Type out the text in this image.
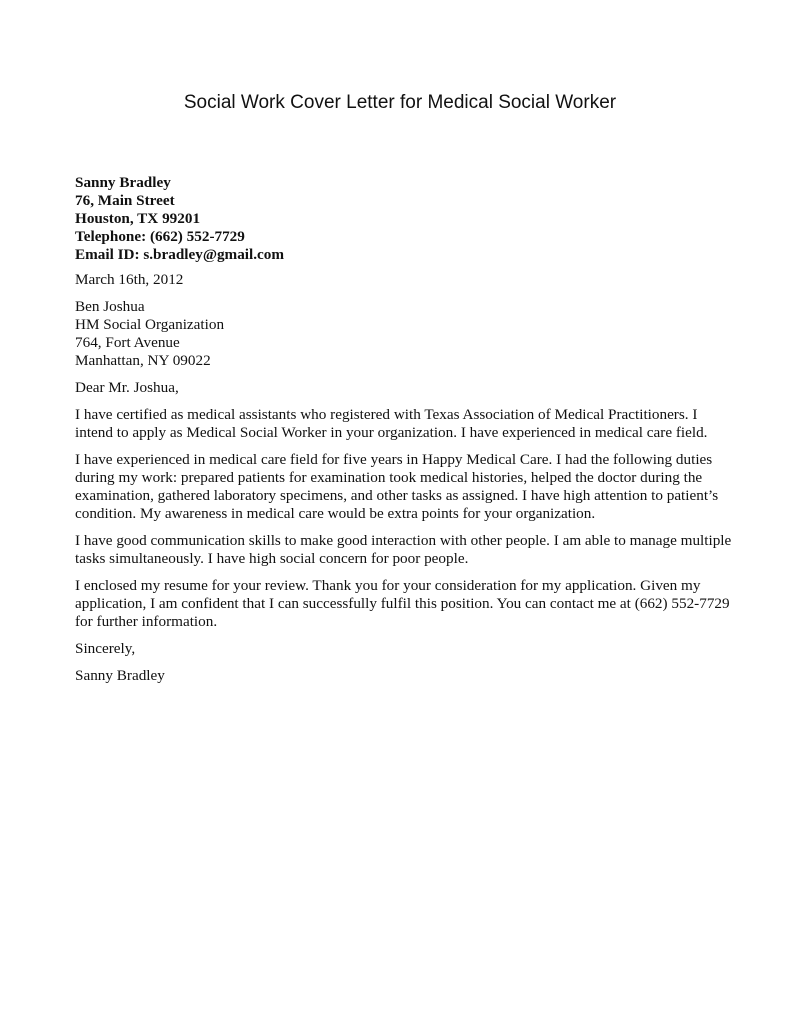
Social Work Cover Letter for Medical Social Worker
Sanny Bradley
76, Main Street
Houston, TX 99201
Telephone: (662) 552-7729
Email ID: s.bradley@gmail.com
March 16th, 2012
Ben Joshua
HM Social Organization
764, Fort Avenue
Manhattan, NY 09022
Dear Mr. Joshua,

I have certified as medical assistants who registered with Texas Association of Medical Practitioners. I intend to apply as Medical Social Worker in your organization. I have experienced in medical care field.

I have experienced in medical care field for five years in Happy Medical Care. I had the following duties during my work: prepared patients for examination took medical histories, helped the doctor during the examination, gathered laboratory specimens, and other tasks as assigned. I have high attention to patient’s condition. My awareness in medical care would be extra points for your organization.

I have good communication skills to make good interaction with other people. I am able to manage multiple tasks simultaneously. I have high social concern for poor people.

I enclosed my resume for your review. Thank you for your consideration for my application. Given my application, I am confident that I can successfully fulfil this position. You can contact me at (662) 552-7729 for further information.

Sincerely,
Sanny Bradley
